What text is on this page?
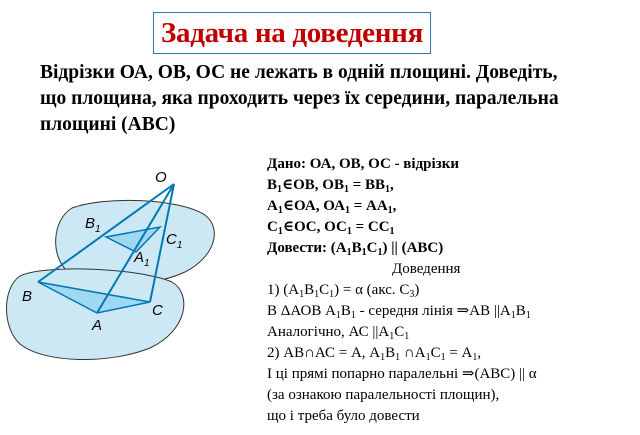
Задача на доведення
Відрізки ОА, ОВ, ОС не лежать в одній площині. Доведіть,
що площина, яка проходить через їх середини, паралельна
площині (АВС)
O
$B_1$
$C_1$
$A_1$
B
C
A
Дано: ОА, ОВ, ОС - відрізки
$В_1\in ОВ$, $ОВ_1 = ВВ_1$,
$А_1\in ОА$, $ОА_1 = АА_1$,
$С_1\in ОС$, $ОС_1 = СС_1$
Довести: $(А_1В_1С_1)$ || (АВС)
Доведення
1) $(А_1В_1С_1) = \alpha$ (акс. $С_3$)
В ΔАОВ $А_1В_1$ - середня лінія ⇒АВ $||А_1В_1$
Аналогічно, АС $||А_1С_1$
2) АВ∩АС = А, $А_1В_1$ $\cap А_1С_1 = А_1$,
І ці прямі попарно паралельні ⇒(АВС) || α
(за ознакою паралельності площин),
що і треба було довести
